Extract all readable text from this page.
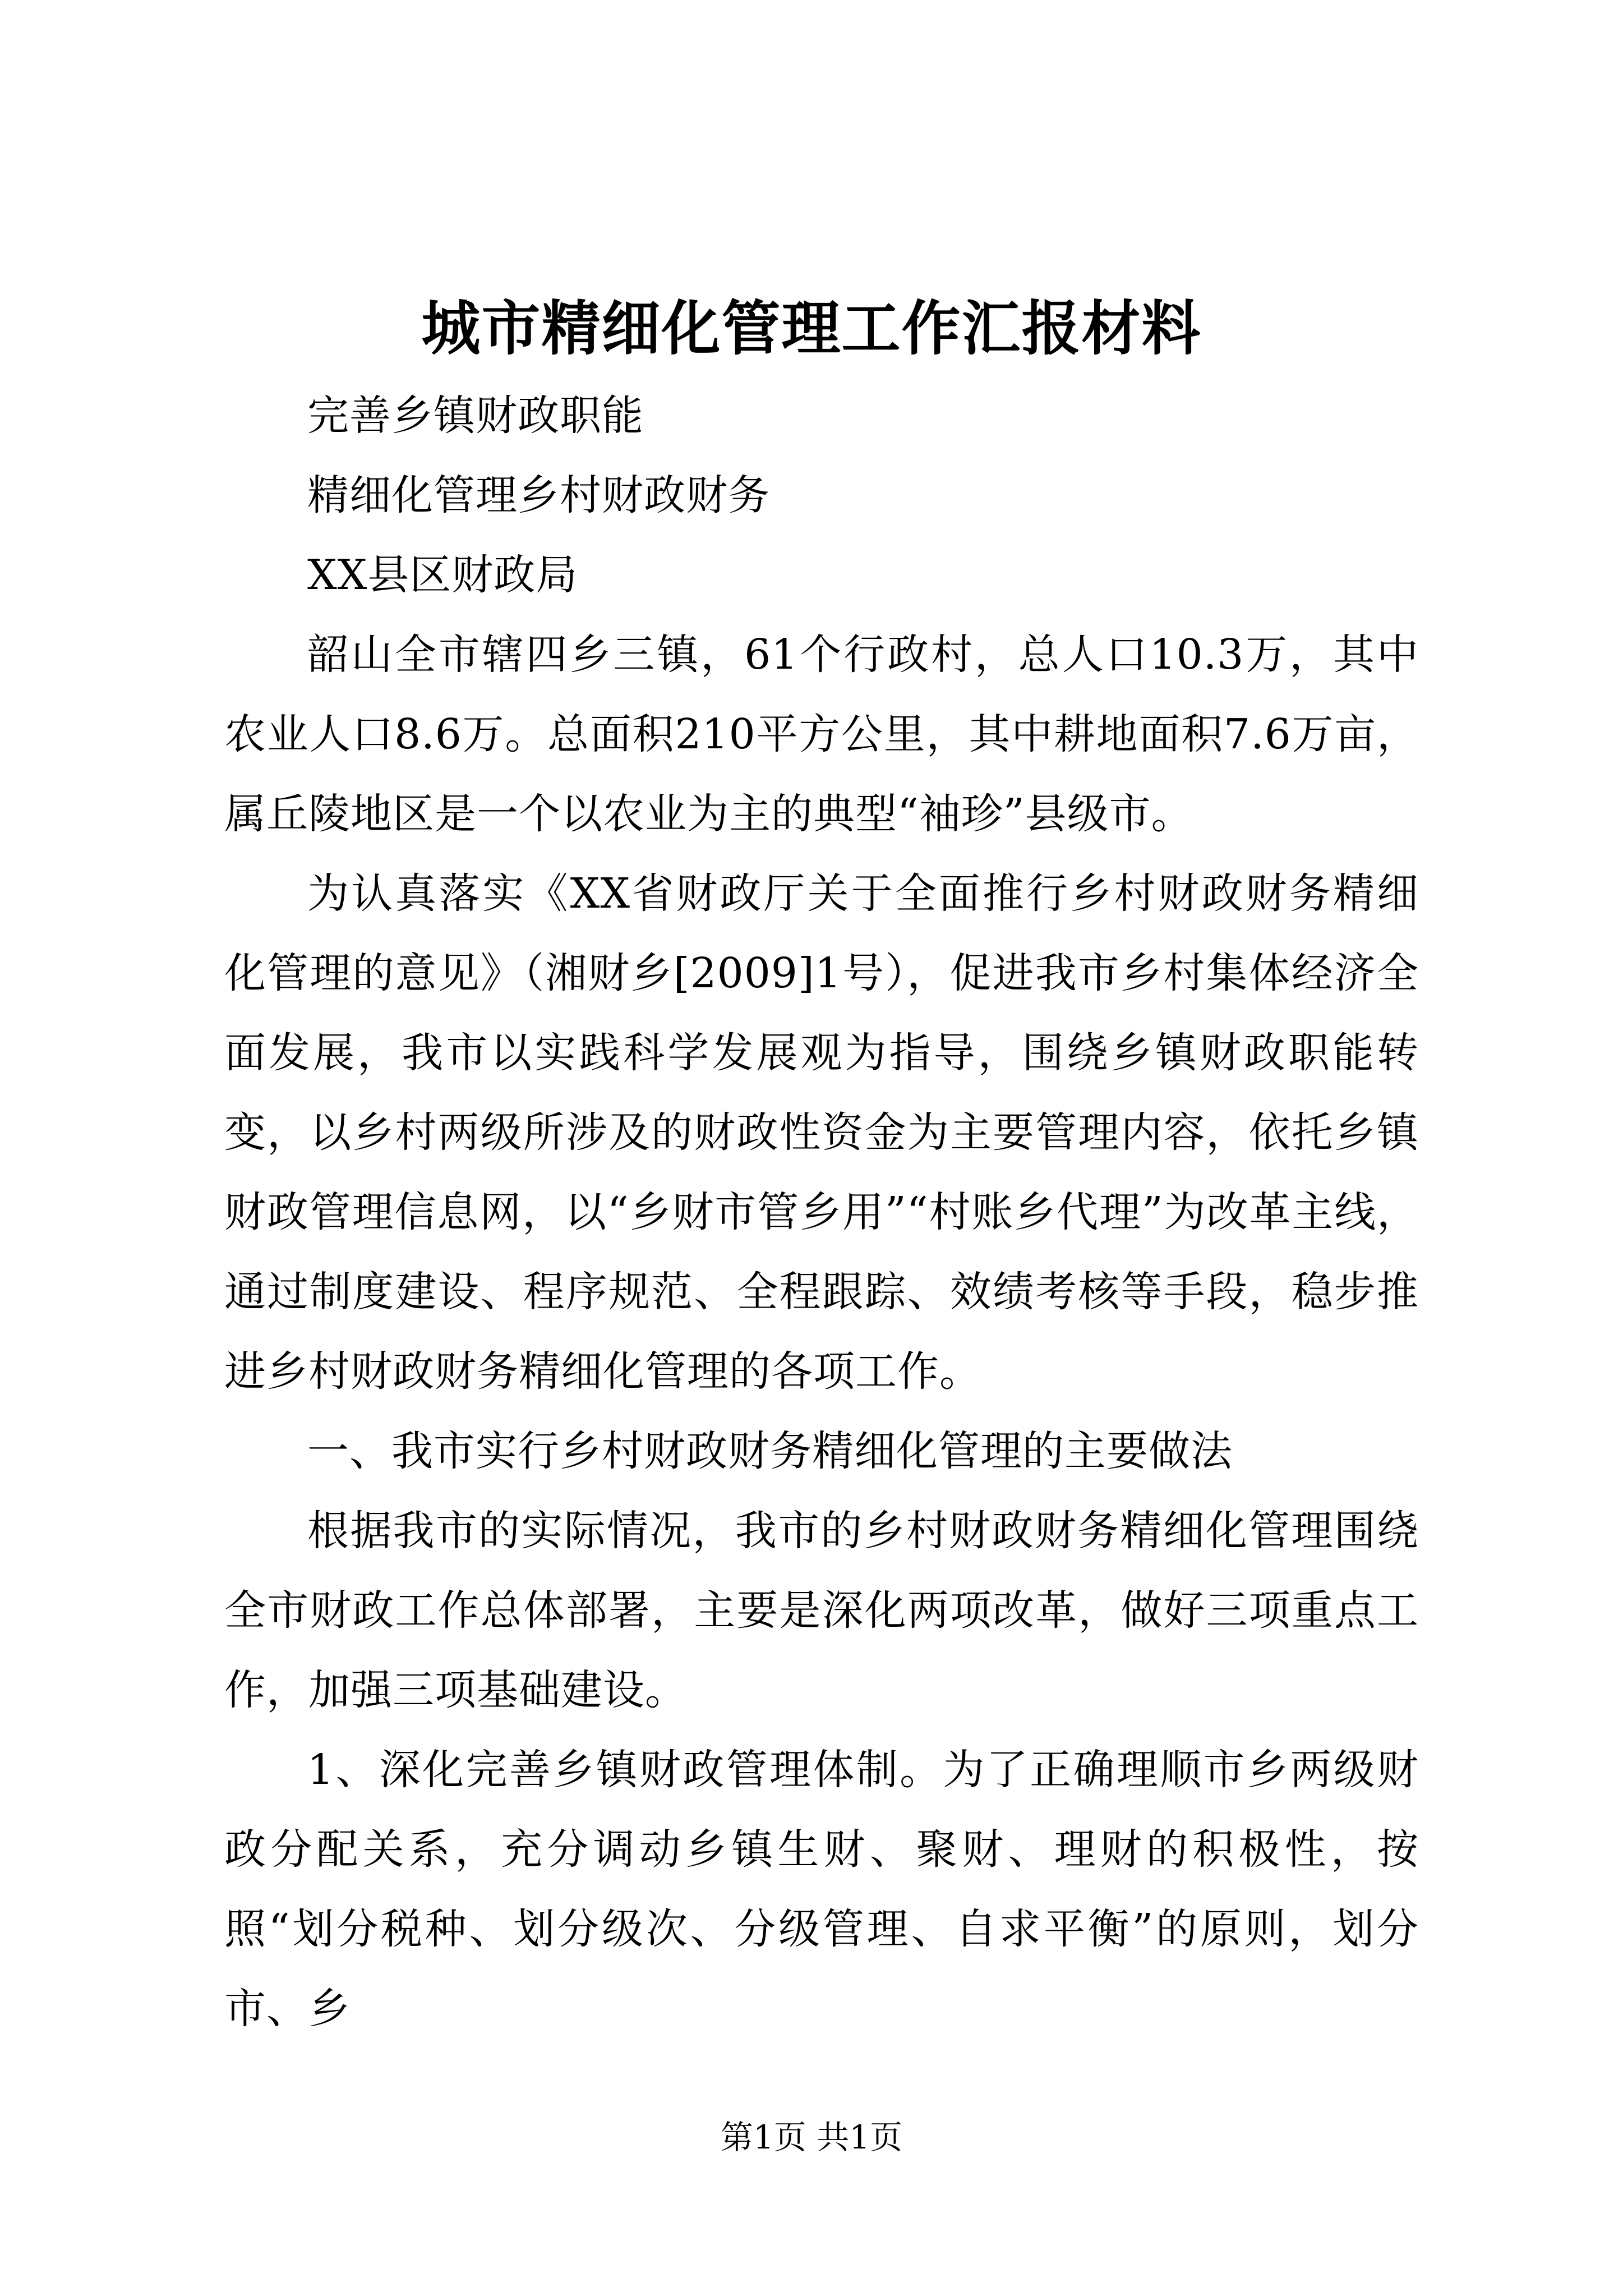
城市精细化管理工作汇报材料

完善乡镇财政职能

精细化管理乡村财政财务

XX县区财政局

韶山全市辖四乡三镇，61个行政村，总人口10.3万，其中农业人口8.6万。总面积210平方公里，其中耕地面积7.6万亩，属丘陵地区是一个以农业为主的典型“袖珍”县级市。

为认真落实《XX省财政厅关于全面推行乡村财政财务精细化管理的意见》（湘财乡[2009]1号），促进我市乡村集体经济全面发展，我市以实践科学发展观为指导，围绕乡镇财政职能转变，以乡村两级所涉及的财政性资金为主要管理内容，依托乡镇财政管理信息网，以“乡财市管乡用”“村账乡代理”为改革主线，通过制度建设、程序规范、全程跟踪、效绩考核等手段，稳步推进乡村财政财务精细化管理的各项工作。

一、我市实行乡村财政财务精细化管理的主要做法

根据我市的实际情况，我市的乡村财政财务精细化管理围绕全市财政工作总体部署，主要是深化两项改革，做好三项重点工作，加强三项基础建设。

1、深化完善乡镇财政管理体制。为了正确理顺市乡两级财政分配关系，充分调动乡镇生财、聚财、理财的积极性，按照“划分税种、划分级次、分级管理、自求平衡”的原则，划分市、乡

第1页 共1页
